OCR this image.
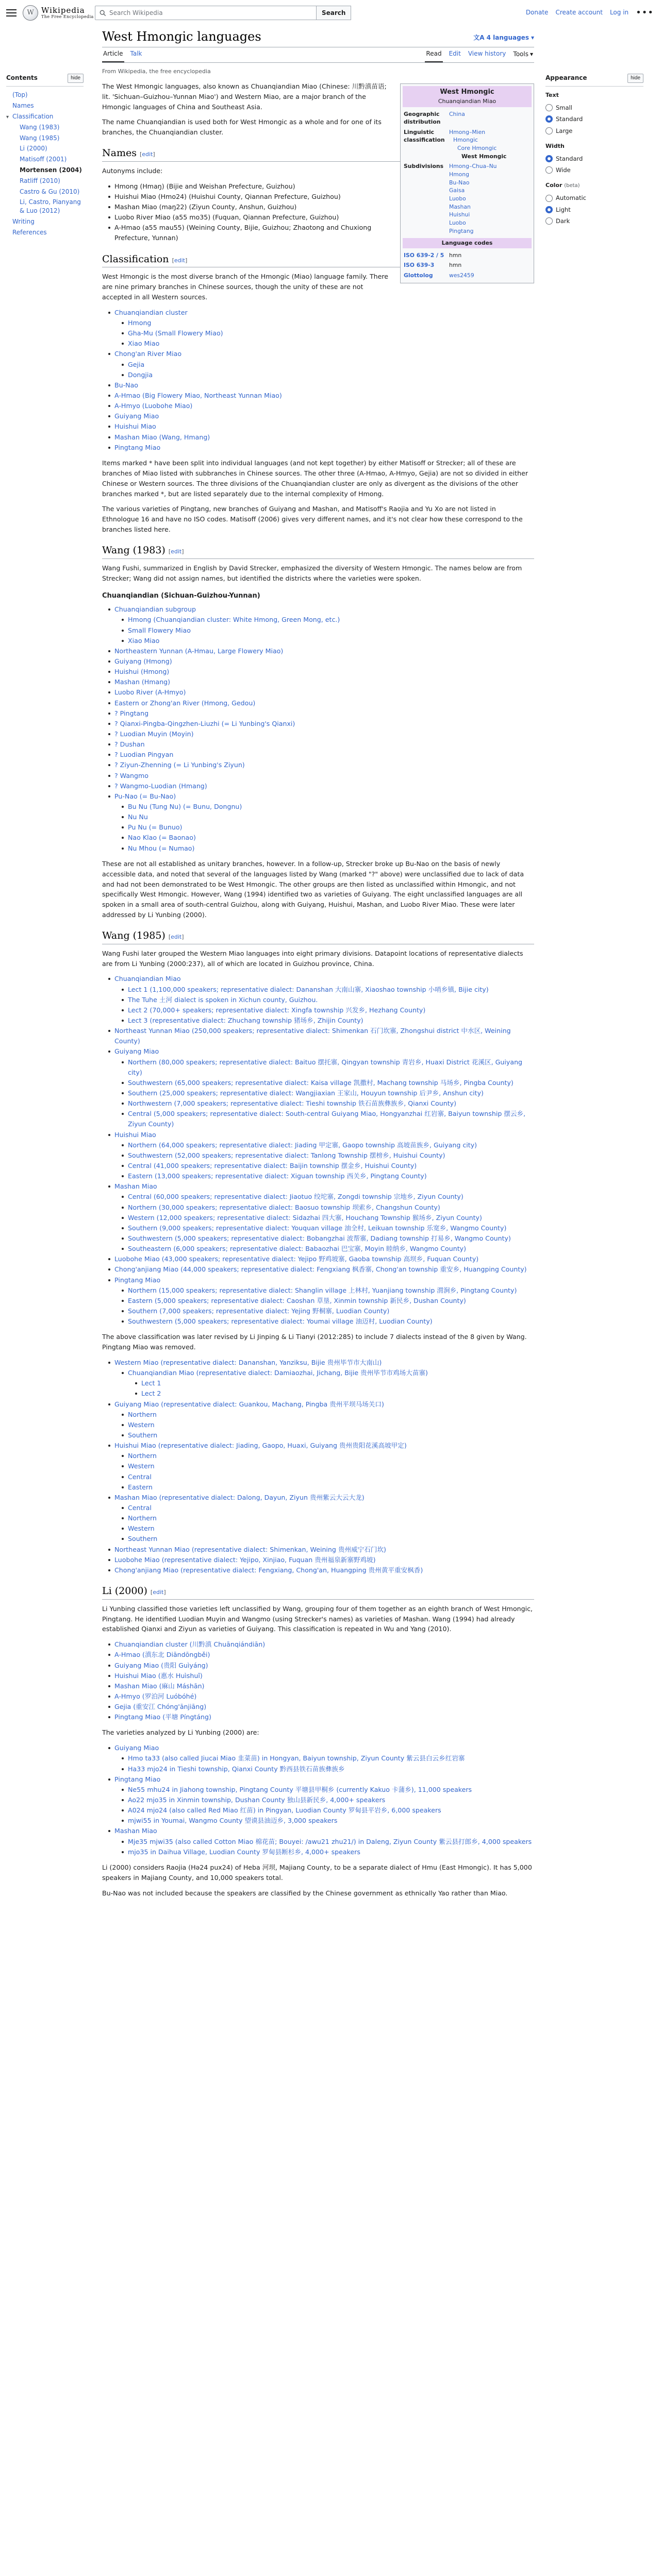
W Wikipedia
The Free Encyclopedia
Search Wikipedia
Search	Donate Create account Log in •••
Contents	hide
(Top)
Names
▾ Classification
Wang (1983)
Wang (1985)
Li (2000)
Matisoff (2001)
Mortensen (2004)
Ratliff (2010)
Castro & Gu (2010)
Li, Castro, Pianyang & Luo (2012)
Writing
References
West Hmongic languages	文A 4 languages ▾
Article Talk	Read Edit View history Tools ▾
From Wikipedia, the free encyclopedia
West Hmongic
Chuanqiandian Miao
Geographic distribution
China
Linguistic classification
Hmong–Mien
Hmongic
Core Hmongic
West Hmongic
Subdivisions	Hmong–Chua–Nu
Hmong
Bu-Nao
Gaisa
Luobo
Mashan
Huishui
Luobo
Pingtang
Language codes
ISO 639-2 / 5 hmn
ISO 639-3	hmn
Glottolog	wes2459

The West Hmongic languages, also known as Chuanqiandian Miao (Chinese: 川黔滇苗语; lit. 'Sichuan–Guizhou–Yunnan Miao') and Western Miao, are a major branch of the Hmongic languages of China and Southeast Asia.

The name Chuanqiandian is used both for West Hmongic as a whole and for one of its branches, the Chuanqiandian cluster.

Names [edit]

Autonyms include:

Hmong (Hmaŋ) (Bijie and Weishan Prefecture, Guizhou)
Huishui Miao (Hmo24) (Huishui County, Qiannan Prefecture, Guizhou)
Mashan Miao (maŋ22) (Ziyun County, Anshun, Guizhou)
Luobo River Miao (a55 mo35) (Fuquan, Qiannan Prefecture, Guizhou)
A-Hmao (a55 mau55) (Weining County, Bijie, Guizhou; Zhaotong and Chuxiong Prefecture, Yunnan)
Classification [edit]

West Hmongic is the most diverse branch of the Hmongic (Miao) language family. There are nine primary branches in Chinese sources, though the unity of these are not accepted in all Western sources.

Chuanqiandian cluster
Hmong
Gha-Mu (Small Flowery Miao)
Xiao Miao
Chong'an River Miao
Gejia
Dongjia
Bu-Nao
A-Hmao (Big Flowery Miao, Northeast Yunnan Miao)
A-Hmyo (Luobohe Miao)
Guiyang Miao
Huishui Miao
Mashan Miao (Wang, Hmang)
Pingtang Miao

Items marked * have been split into individual languages (and not kept together) by either Matisoff or Strecker; all of these are branches of Miao listed with subbranches in Chinese sources. The other three (A-Hmao, A-Hmyo, Gejia) are not so divided in either Chinese or Western sources. The three divisions of the Chuanqiandian cluster are only as divergent as the divisions of the other branches marked *, but are listed separately due to the internal complexity of Hmong.

The various varieties of Pingtang, new branches of Guiyang and Mashan, and Matisoff's Raojia and Yu Xo are not listed in Ethnologue 16 and have no ISO codes. Matisoff (2006) gives very different names, and it's not clear how these correspond to the branches listed here.

Wang (1983) [edit]

Wang Fushi, summarized in English by David Strecker, emphasized the diversity of Western Hmongic. The names below are from Strecker; Wang did not assign names, but identified the districts where the varieties were spoken.

Chuanqiandian (Sichuan-Guizhou-Yunnan)
Chuanqiandian subgroup
Hmong (Chuanqiandian cluster: White Hmong, Green Mong, etc.)
Small Flowery Miao
Xiao Miao
Northeastern Yunnan (A-Hmau, Large Flowery Miao)
Guiyang (Hmong)
Huishui (Hmong)
Mashan (Hmang)
Luobo River (A-Hmyo)
Eastern or Zhong'an River (Hmong, Gedou)
? Pingtang
? Qianxi-Pingba-Qingzhen-Liuzhi (= Li Yunbing's Qianxi)
? Luodian Muyin (Moyin)
? Dushan
? Luodian Pingyan
? Ziyun-Zhenning (= Li Yunbing's Ziyun)
? Wangmo
? Wangmo-Luodian (Hmang)
Pu-Nao (= Bu-Nao)
Bu Nu (Tung Nu) (= Bunu, Dongnu)
Nu Nu
Pu Nu (= Bunuo)
Nao Klao (= Baonao)
Nu Mhou (= Numao)

These are not all established as unitary branches, however. In a follow-up, Strecker broke up Bu-Nao on the basis of newly accessible data, and noted that several of the languages listed by Wang (marked "?" above) were unclassified due to lack of data and had not been demonstrated to be West Hmongic. The other groups are then listed as unclassified within Hmongic, and not specifically West Hmongic. However, Wang (1994) identified two as varieties of Guiyang. The eight unclassified languages are all spoken in a small area of south-central Guizhou, along with Guiyang, Huishui, Mashan, and Luobo River Miao. These were later addressed by Li Yunbing (2000).

Wang (1985) [edit]

Wang Fushi later grouped the Western Miao languages into eight primary divisions. Datapoint locations of representative dialects are from Li Yunbing (2000:237), all of which are located in Guizhou province, China.

Chuanqiandian Miao
Lect 1 (1,100,000 speakers; representative dialect: Dananshan 大南山寨, Xiaoshao township 小哨乡镇, Bijie city)
The Tuhe 土河 dialect is spoken in Xichun county, Guizhou.
Lect 2 (70,000+ speakers; representative dialect: Xingfa township 兴发乡, Hezhang County)
Lect 3 (representative dialect: Zhuchang township 猪场乡, Zhijin County)
Northeast Yunnan Miao (250,000 speakers; representative dialect: Shimenkan 石门坎寨, Zhongshui district 中水区, Weining County)
Guiyang Miao
Northern (80,000 speakers; representative dialect: Baituo 摆托寨, Qingyan township 青岩乡, Huaxi District 花溪区, Guiyang city)
Southwestern (65,000 speakers; representative dialect: Kaisa village 凯撒村, Machang township 马场乡, Pingba County)
Southern (25,000 speakers; representative dialect: Wangjiaxian 王家山, Houyun township 后尹乡, Anshun city)
Northwestern (7,000 speakers; representative dialect: Tieshi township 铁石苗族彝族乡, Qianxi County)
Central (5,000 speakers; representative dialect: South-central Guiyang Miao, Hongyanzhai 红岩寨, Baiyun township 摆云乡, Ziyun County)
Huishui Miao
Northern (64,000 speakers; representative dialect: Jiading 甲定寨, Gaopo township 高坡苗族乡, Guiyang city)
Southwestern (52,000 speakers; representative dialect: Tanlong Township 摆榜乡, Huishui County)
Central (41,000 speakers; representative dialect: Baijin township 摆金乡, Huishui County)
Eastern (13,000 speakers; representative dialect: Xiguan township 西关乡, Pingtang County)
Mashan Miao
Central (60,000 speakers; representative dialect: Jiaotuo 绞坨寨, Zongdi township 宗地乡, Ziyun County)
Northern (30,000 speakers; representative dialect: Baosuo township 坝索乡, Changshun County)
Western (12,000 speakers; representative dialect: Sidazhai 四大寨, Houchang Township 猴场乡, Ziyun County)
Southern (9,000 speakers; representative dialect: Youquan village 油全村, Leikuan township 乐宽乡, Wangmo County)
Southwestern (5,000 speakers; representative dialect: Bobangzhai 波帮寨, Dadiang township 打易乡, Wangmo County)
Southeastern (6,000 speakers; representative dialect: Babaozhai 巴宝寨, Moyin 睦纳乡, Wangmo County)
Luobohe Miao (43,000 speakers; representative dialect: Yejipo 野鸡坡寨, Gaoba township 高坝乡, Fuquan County)
Chong'anjiang Miao (44,000 speakers; representative dialect: Fengxiang 枫香寨, Chong'an township 重安乡, Huangping County)
Pingtang Miao
Northern (15,000 speakers; representative dialect: Shanglin village 上林村, Yuanjiang township 渭涧乡, Pingtang County)
Eastern (5,000 speakers; representative dialect: Caoshan 草垦, Xinmin township 新民乡, Dushan County)
Southern (7,000 speakers; representative dialect: Yejing 野桐寨, Luodian County)
Southwestern (5,000 speakers; representative dialect: Youmai village 油迈村, Luodian County)

The above classification was later revised by Li Jinping & Li Tianyi (2012:285) to include 7 dialects instead of the 8 given by Wang. Pingtang Miao was removed.

Western Miao (representative dialect: Dananshan, Yanziksu, Bijie 贵州毕节市大南山)
Chuanqiandian Miao (representative dialect: Damiaozhai, Jichang, Bijie 贵州毕节市鸡场大苗寨)
Lect 1
Lect 2
Guiyang Miao (representative dialect: Guankou, Machang, Pingba 贵州平坝马场关口)
Northern
Western
Southern
Huishui Miao (representative dialect: Jiading, Gaopo, Huaxi, Guiyang 贵州贵阳花溪高坡甲定)
Northern
Western
Central
Eastern
Mashan Miao (representative dialect: Dalong, Dayun, Ziyun 贵州紫云大云大龙)
Central
Northern
Western
Southern
Northeast Yunnan Miao (representative dialect: Shimenkan, Weining 贵州威宁石门坎)
Luobohe Miao (representative dialect: Yejipo, Xinjiao, Fuquan 贵州福泉新寨野鸡坡)
Chong'anjiang Miao (representative dialect: Fengxiang, Chong'an, Huangping 贵州黄平重安枫香)
Li (2000) [edit]

Li Yunbing classified those varieties left unclassified by Wang, grouping four of them together as an eighth branch of West Hmongic, Pingtang. He identified Luodian Muyin and Wangmo (using Strecker's names) as varieties of Mashan. Wang (1994) had already established Qianxi and Ziyun as varieties of Guiyang. This classification is repeated in Wu and Yang (2010).

Chuanqiandian cluster (川黔滇 Chuānqiándiān)
A-Hmao (滇东北 Diāndōngběi)
Guiyang Miao (贵阳 Guìyáng)
Huishui Miao (惠水 Huìshuǐ)
Mashan Miao (麻山 Máshān)
A-Hmyo (罗泊河 Luóbóhé)
Gejia (重安江 Chóng'ānjiāng)
Pingtang Miao (平塘 Píngtáng)

The varieties analyzed by Li Yunbing (2000) are:

Guiyang Miao
Hmo ta33 (also called Jiucai Miao 韭菜苗) in Hongyan, Baiyun township, Ziyun County 紫云县白云乡红岩寨
Ha33 mjo24 in Tieshi township, Qianxi County 黔西县铁石苗族彝族乡
Pingtang Miao
Ne55 mhu24 in Jiahong township, Pingtang County 平塘县甲桐乡 (currently Kakuo 卡蒲乡), 11,000 speakers
Ao22 mjo35 in Xinmin township, Dushan County 独山县新民乡, 4,000+ speakers
A024 mjo24 (also called Red Miao 红苗) in Pingyan, Luodian County 罗甸县平岩乡, 6,000 speakers
mjwi55 in Youmai, Wangmo County 望谟县油迈乡, 3,000 speakers
Mashan Miao
Mje35 mjwi35 (also called Cotton Miao 棉花苗; Bouyei: /awu21 zhu21/) in Daleng, Ziyun County 紫云县打郎乡, 4,000 speakers
mjo35 in Daihua Village, Luodian County 罗甸县断杉乡, 4,000+ speakers

Li (2000) considers Raojia (Hə24 pux24) of Heba 河坝, Majiang County, to be a separate dialect of Hmu (East Hmongic). It has 5,000 speakers in Majiang County, and 10,000 speakers total.

Bu-Nao was not included because the speakers are classified by the Chinese government as ethnically Yao rather than Miao.

Appearance	hide
Text
Small
Standard
Large
Width
Standard
Wide
Color (beta)
Automatic
Light
Dark
